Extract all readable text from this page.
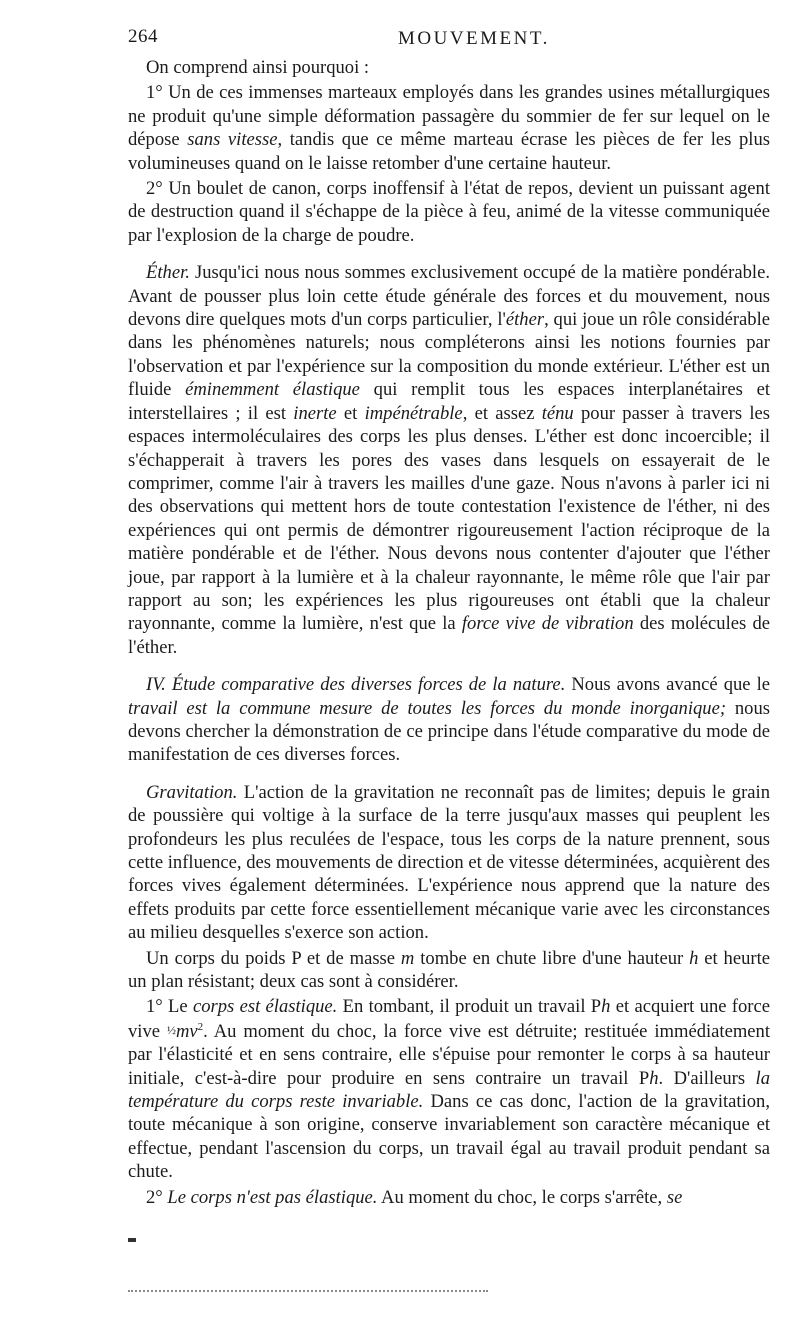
264	MOUVEMENT.

On comprend ainsi pourquoi :

1° Un de ces immenses marteaux employés dans les grandes usines métallurgiques ne produit qu'une simple déformation passagère du sommier de fer sur lequel on le dépose sans vitesse, tandis que ce même marteau écrase les pièces de fer les plus volumineuses quand on le laisse retomber d'une certaine hauteur.

2° Un boulet de canon, corps inoffensif à l'état de repos, devient un puissant agent de destruction quand il s'échappe de la pièce à feu, animé de la vitesse communiquée par l'explosion de la charge de poudre.

Éther. Jusqu'ici nous nous sommes exclusivement occupé de la matière pondérable. Avant de pousser plus loin cette étude générale des forces et du mouvement, nous devons dire quelques mots d'un corps particulier, l'éther, qui joue un rôle considérable dans les phénomènes naturels; nous compléterons ainsi les notions fournies par l'observation et par l'expérience sur la composition du monde extérieur. L'éther est un fluide éminemment élastique qui remplit tous les espaces interplanétaires et interstellaires ; il est inerte et impénétrable, et assez ténu pour passer à travers les espaces intermoléculaires des corps les plus denses. L'éther est donc incoercible; il s'échapperait à travers les pores des vases dans lesquels on essayerait de le comprimer, comme l'air à travers les mailles d'une gaze. Nous n'avons à parler ici ni des observations qui mettent hors de toute contestation l'existence de l'éther, ni des expériences qui ont permis de démontrer rigoureusement l'action réciproque de la matière pondérable et de l'éther. Nous devons nous contenter d'ajouter que l'éther joue, par rapport à la lumière et à la chaleur rayonnante, le même rôle que l'air par rapport au son; les expériences les plus rigoureuses ont établi que la chaleur rayonnante, comme la lumière, n'est que la force vive de vibration des molécules de l'éther.

IV. Étude comparative des diverses forces de la nature. Nous avons avancé que le travail est la commune mesure de toutes les forces du monde inorganique; nous devons chercher la démonstration de ce principe dans l'étude comparative du mode de manifestation de ces diverses forces.

Gravitation. L'action de la gravitation ne reconnaît pas de limites; depuis le grain de poussière qui voltige à la surface de la terre jusqu'aux masses qui peuplent les profondeurs les plus reculées de l'espace, tous les corps de la nature prennent, sous cette influence, des mouvements de direction et de vitesse déterminées, acquièrent des forces vives également déterminées. L'expérience nous apprend que la nature des effets produits par cette force essentiellement mécanique varie avec les circonstances au milieu desquelles s'exerce son action.

Un corps du poids P et de masse m tombe en chute libre d'une hauteur h et heurte un plan résistant; deux cas sont à considérer.

1° Le corps est élastique. En tombant, il produit un travail Ph et acquiert une force vive $\frac{1}{2}mv^2$. Au moment du choc, la force vive est détruite; restituée immédiatement par l'élasticité et en sens contraire, elle s'épuise pour remonter le corps à sa hauteur initiale, c'est-à-dire pour produire en sens contraire un travail Ph. D'ailleurs la température du corps reste invariable. Dans ce cas donc, l'action de la gravitation, toute mécanique à son origine, conserve invariablement son caractère mécanique et effectue, pendant l'ascension du corps, un travail égal au travail produit pendant sa chute.

2° Le corps n'est pas élastique. Au moment du choc, le corps s'arrête, se
